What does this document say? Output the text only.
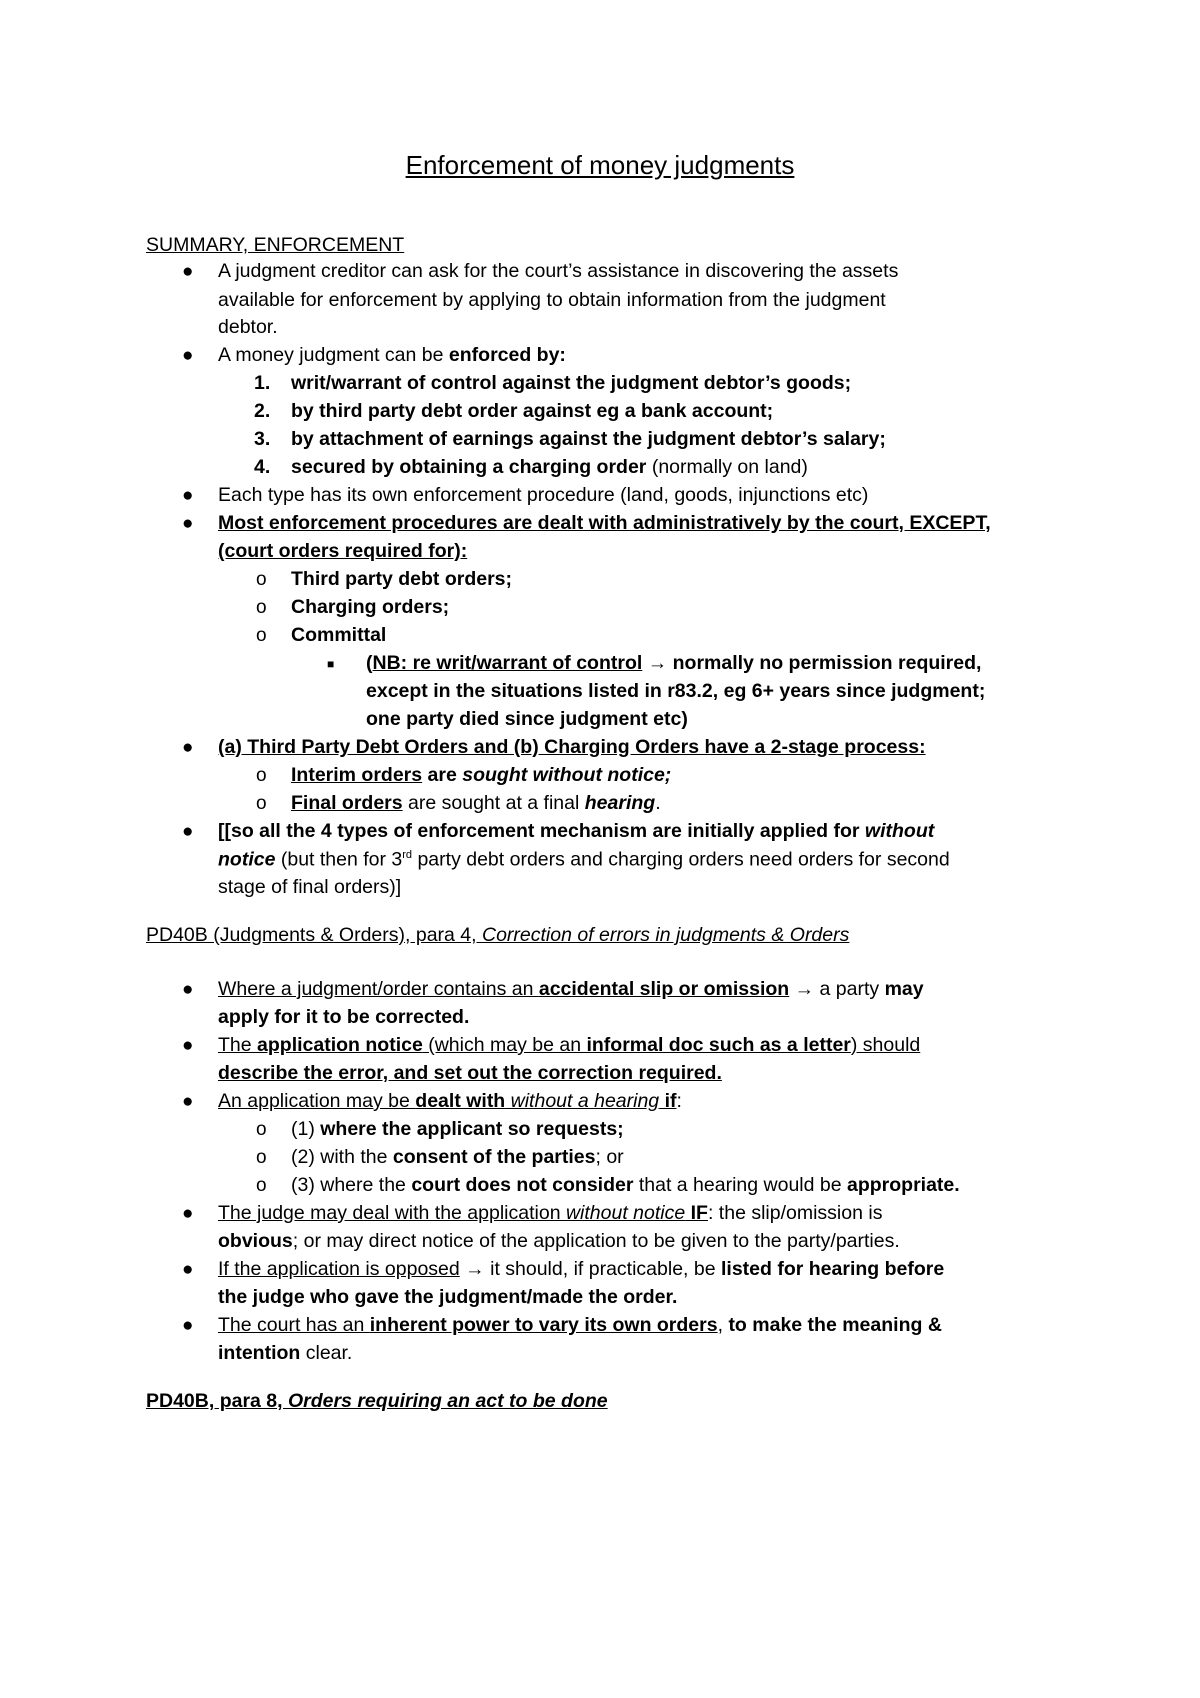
Enforcement of money judgments
SUMMARY, ENFORCEMENT
● A judgment creditor can ask for the court’s assistance in discovering the assets
available for enforcement by applying to obtain information from the judgment
debtor.
● A money judgment can be enforced by:
1. writ/warrant of control against the judgment debtor’s goods;
2. by third party debt order against eg a bank account;
3. by attachment of earnings against the judgment debtor’s salary;
4. secured by obtaining a charging order (normally on land)
● Each type has its own enforcement procedure (land, goods, injunctions etc)
● Most enforcement procedures are dealt with administratively by the court, EXCEPT,
(court orders required for):
o Third party debt orders;
o Charging orders;
o Committal
■ (NB: re writ/warrant of control → normally no permission required,
except in the situations listed in r83.2, eg 6+ years since judgment;
one party died since judgment etc)
● (a) Third Party Debt Orders and (b) Charging Orders have a 2-stage process:
o Interim orders are sought without notice;
o Final orders are sought at a final hearing.
● [[so all the 4 types of enforcement mechanism are initially applied for without
notice (but then for 3rd party debt orders and charging orders need orders for second
stage of final orders)]
PD40B (Judgments & Orders), para 4, Correction of errors in judgments & Orders
● Where a judgment/order contains an accidental slip or omission → a party may
apply for it to be corrected.
● The application notice (which may be an informal doc such as a letter) should
describe the error, and set out the correction required.
● An application may be dealt with without a hearing if:
o (1) where the applicant so requests;
o (2) with the consent of the parties; or
o (3) where the court does not consider that a hearing would be appropriate.
● The judge may deal with the application without notice IF: the slip/omission is
obvious; or may direct notice of the application to be given to the party/parties.
● If the application is opposed → it should, if practicable, be listed for hearing before
the judge who gave the judgment/made the order.
● The court has an inherent power to vary its own orders, to make the meaning &
intention clear.
PD40B, para 8, Orders requiring an act to be done
